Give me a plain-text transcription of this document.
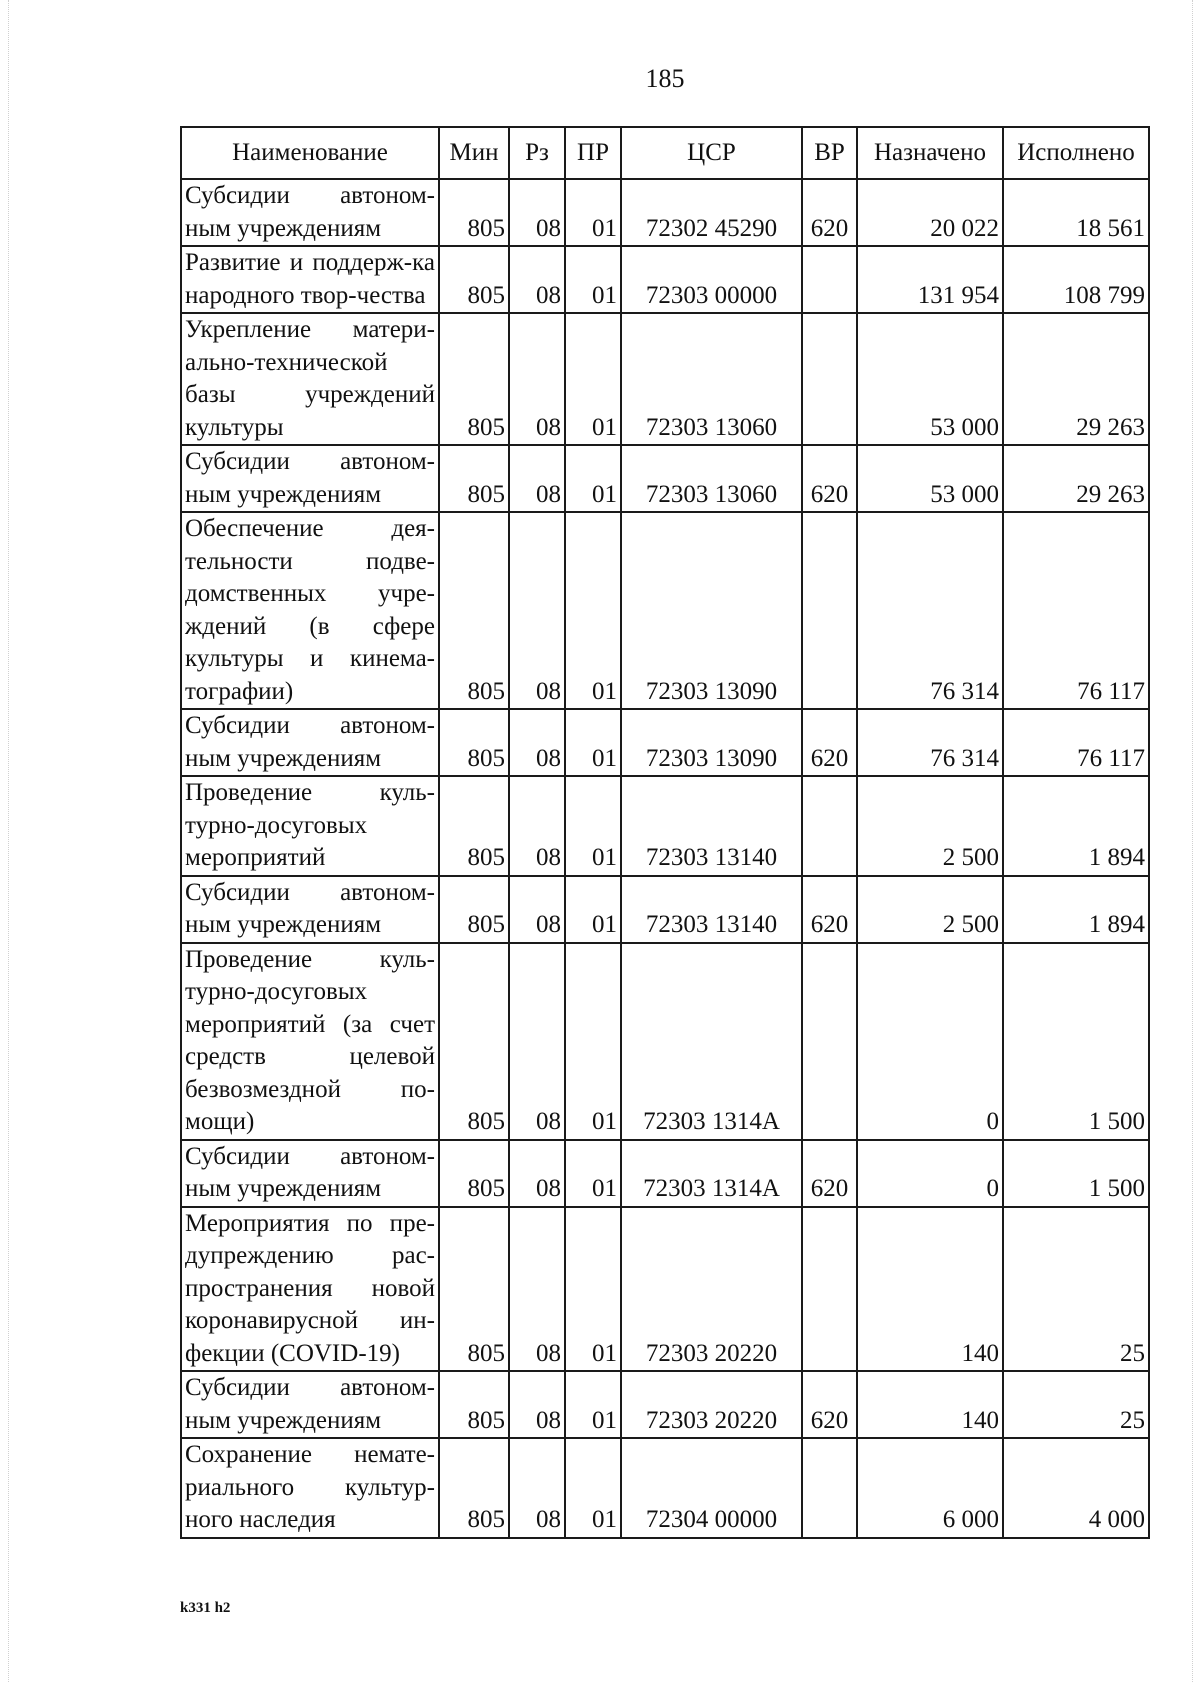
185
Наименование	Мин	Рз	ПР	ЦСР	ВР	Назначено	Исполнено
Субсидии автоном-ным учреждениям	805	08	01	72302 45290	620	20 022	18 561
Развитие и поддерж-ка народного твор-чества	805	08	01	72303 00000		131 954	108 799
Укрепление матери-ально-технической базы учреждений культуры	805	08	01	72303 13060		53 000	29 263
Субсидии автоном-ным учреждениям	805	08	01	72303 13060	620	53 000	29 263
Обеспечение дея-тельности подве-домственных учре-ждений (в сфере культуры и кинема-тографии)	805	08	01	72303 13090		76 314	76 117
Субсидии автоном-ным учреждениям	805	08	01	72303 13090	620	76 314	76 117
Проведение куль-турно-досуговых мероприятий	805	08	01	72303 13140		2 500	1 894
Субсидии автоном-ным учреждениям	805	08	01	72303 13140	620	2 500	1 894
Проведение куль-турно-досуговых мероприятий (за счет средств целевой безвозмездной по-мощи)	805	08	01	72303 1314А		0	1 500
Субсидии автоном-ным учреждениям	805	08	01	72303 1314А	620	0	1 500
Мероприятия по пре-дупреждению рас-пространения новой коронавирусной ин-фекции (COVID-19)	805	08	01	72303 20220		140	25
Субсидии автоном-ным учреждениям	805	08	01	72303 20220	620	140	25
Сохранение немате-риального культур-ного наследия	805	08	01	72304 00000		6 000	4 000
k331 h2
